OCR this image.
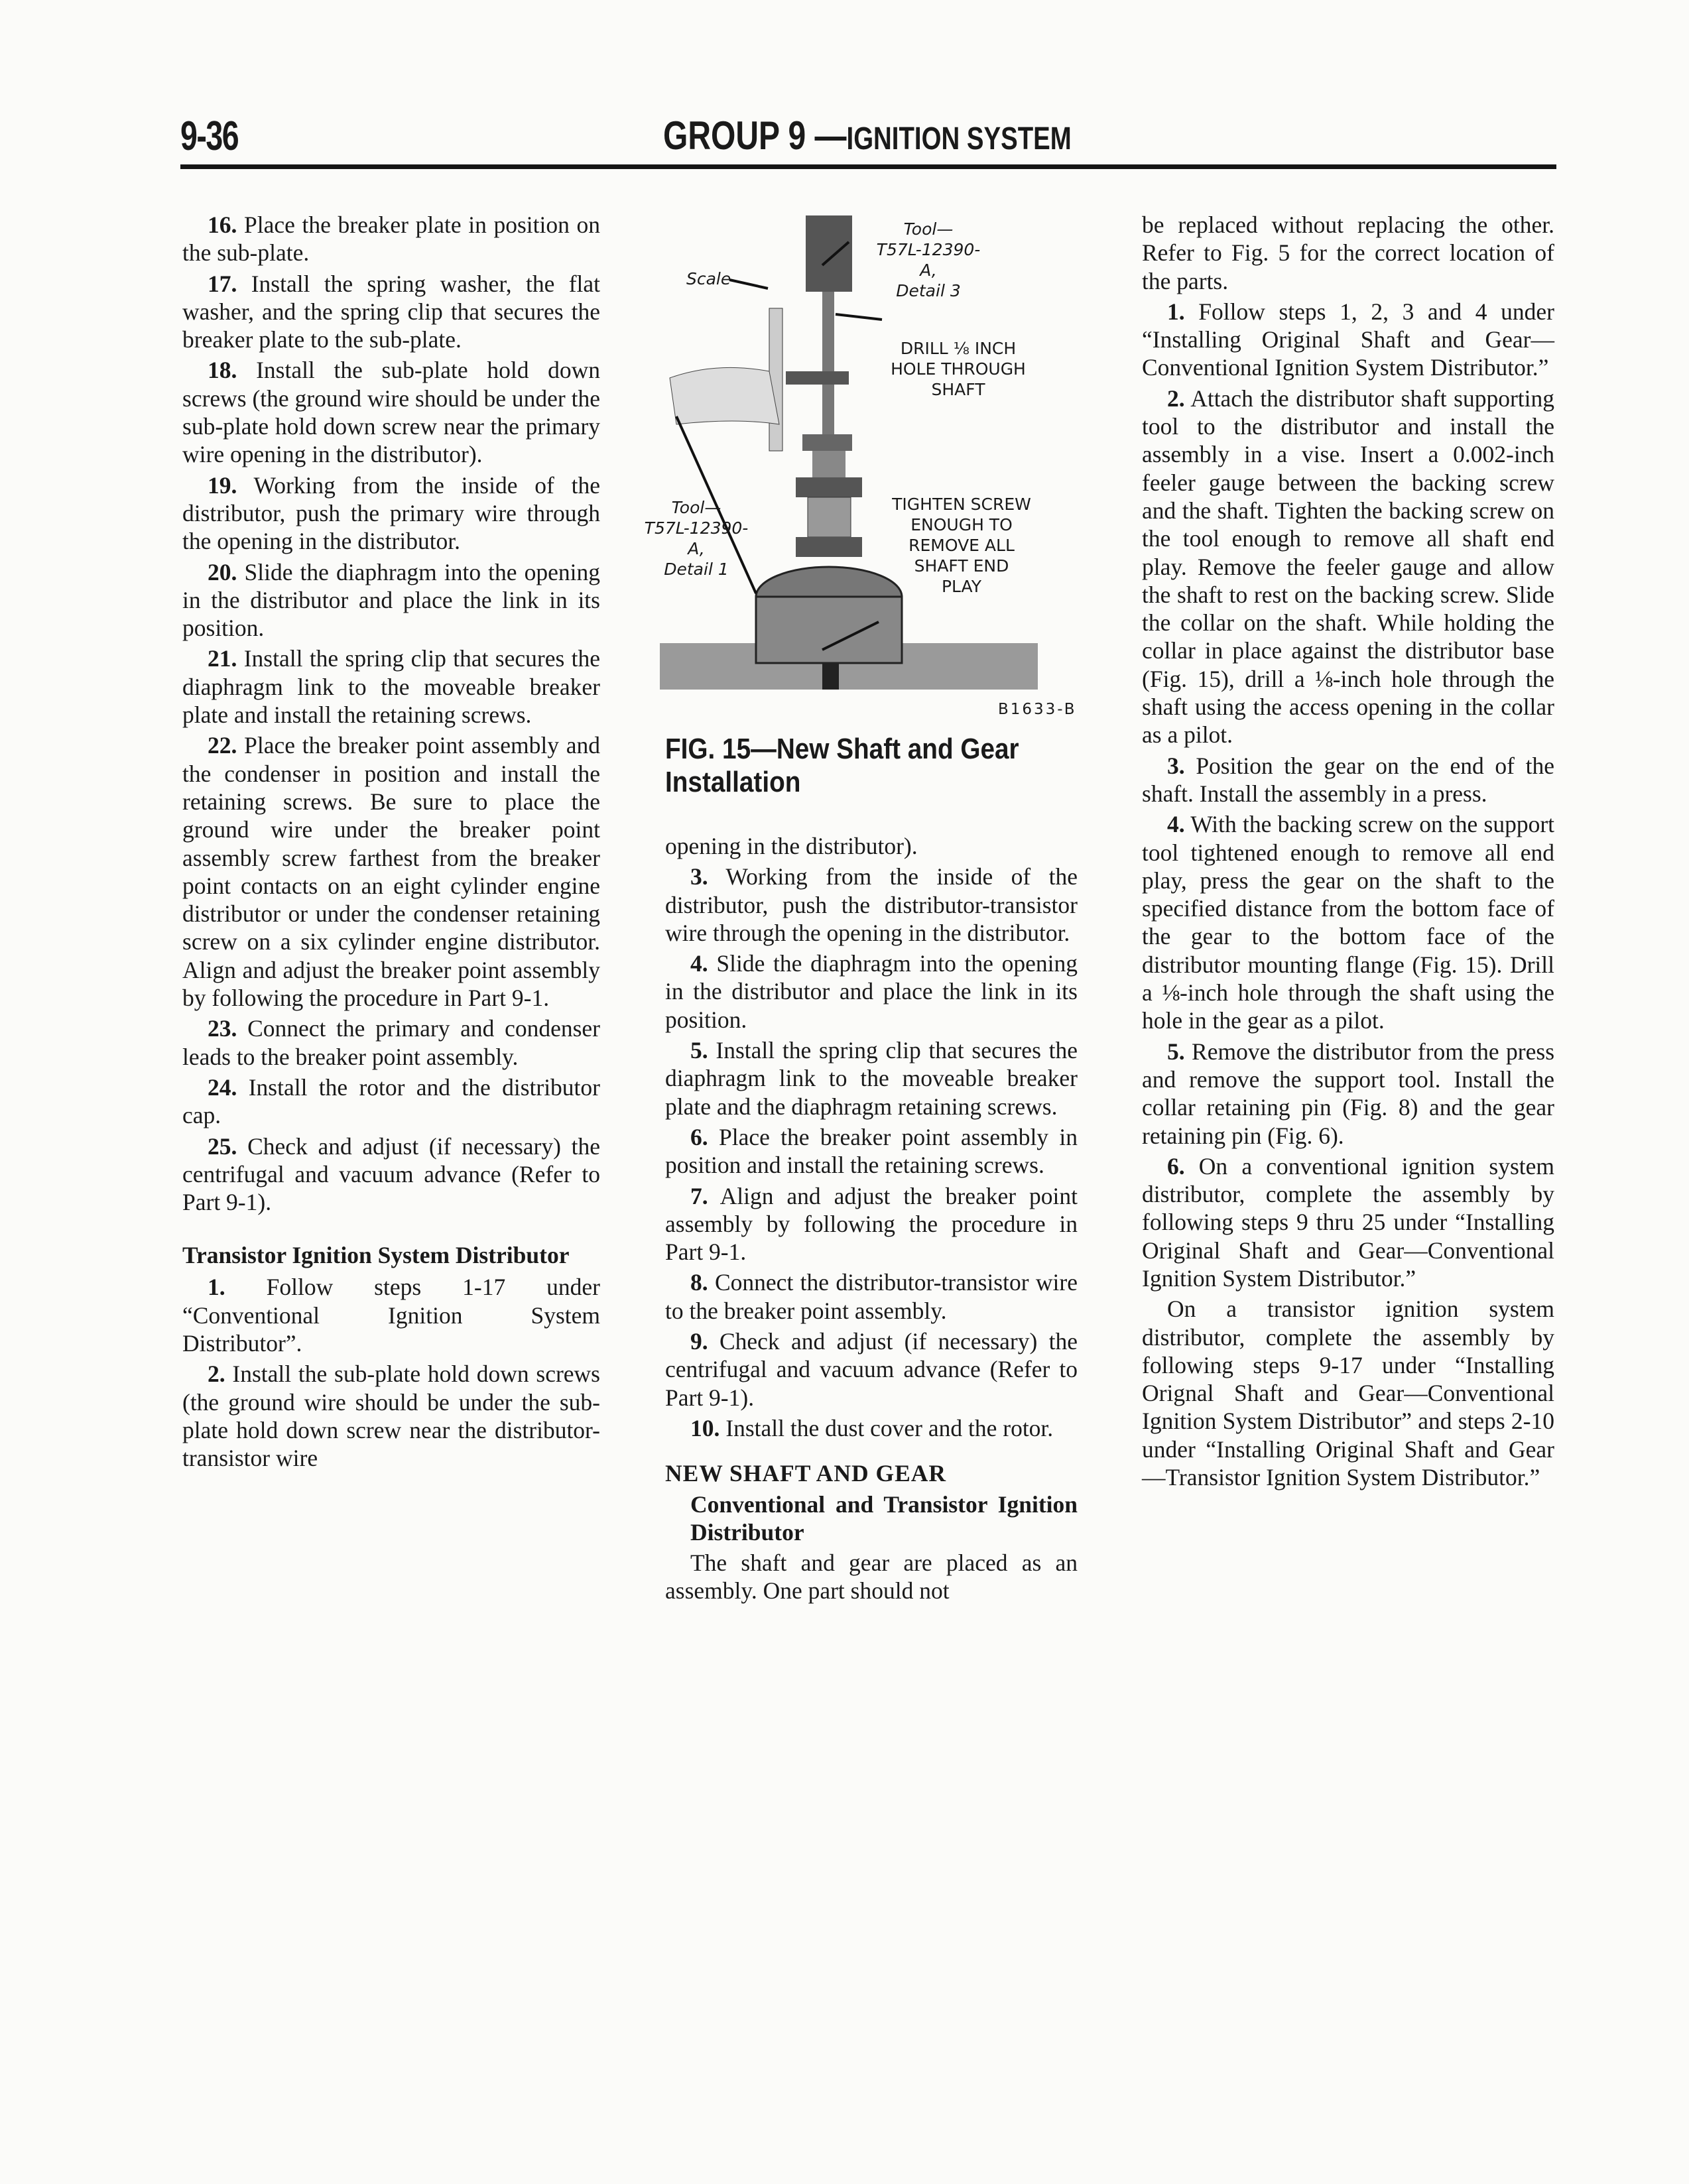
9-36	GROUP 9 —IGNITION SYSTEM

16. Place the breaker plate in position on the sub-plate.

17. Install the spring washer, the flat washer, and the spring clip that secures the breaker plate to the sub-plate.

18. Install the sub-plate hold down screws (the ground wire should be under the sub-plate hold down screw near the primary wire opening in the distributor).

19. Working from the inside of the distributor, push the primary wire through the opening in the distributor.

20. Slide the diaphragm into the opening in the distributor and place the link in its position.

21. Install the spring clip that secures the diaphragm link to the moveable breaker plate and install the retaining screws.

22. Place the breaker point assembly and the condenser in position and install the retaining screws. Be sure to place the ground wire under the breaker point assembly screw farthest from the breaker point contacts on an eight cylinder engine distributor or under the condenser retaining screw on a six cylinder engine distributor. Align and adjust the breaker point assembly by following the procedure in Part 9-1.

23. Connect the primary and condenser leads to the breaker point assembly.

24. Install the rotor and the distributor cap.

25. Check and adjust (if necessary) the centrifugal and vacuum advance (Refer to Part 9-1).

Transistor Ignition System Distributor

1. Follow steps 1-17 under “Conventional Ignition System Distributor”.

2. Install the sub-plate hold down screws (the ground wire should be under the sub-plate hold down screw near the distributor-transistor wire

Tool—
T57L-12390-A,
Detail 3
Scale
DRILL ⅛ INCH
HOLE THROUGH
SHAFT
Tool—
T57L-12390-A,
Detail 1
TIGHTEN SCREW
ENOUGH TO
REMOVE ALL
SHAFT END
PLAY
B1633-B
FIG. 15—New Shaft and Gear Installation

opening in the distributor).

3. Working from the inside of the distributor, push the distributor-transistor wire through the opening in the distributor.

4. Slide the diaphragm into the opening in the distributor and place the link in its position.

5. Install the spring clip that secures the diaphragm link to the moveable breaker plate and the diaphragm retaining screws.

6. Place the breaker point assembly in position and install the retaining screws.

7. Align and adjust the breaker point assembly by following the procedure in Part 9-1.

8. Connect the distributor-transistor wire to the breaker point assembly.

9. Check and adjust (if necessary) the centrifugal and vacuum advance (Refer to Part 9-1).

10. Install the dust cover and the rotor.

NEW SHAFT AND GEAR
Conventional and Transistor Ignition Distributor

The shaft and gear are placed as an assembly. One part should not

be replaced without replacing the other. Refer to Fig. 5 for the correct location of the parts.

1. Follow steps 1, 2, 3 and 4 under “Installing Original Shaft and Gear—Conventional Ignition System Distributor.”

2. Attach the distributor shaft supporting tool to the distributor and install the assembly in a vise. Insert a 0.002-inch feeler gauge between the backing screw and the shaft. Tighten the backing screw on the tool enough to remove all shaft end play. Remove the feeler gauge and allow the shaft to rest on the backing screw. Slide the collar on the shaft. While holding the collar in place against the distributor base (Fig. 15), drill a ⅛-inch hole through the shaft using the access opening in the collar as a pilot.

3. Position the gear on the end of the shaft. Install the assembly in a press.

4. With the backing screw on the support tool tightened enough to remove all end play, press the gear on the shaft to the specified distance from the bottom face of the gear to the bottom face of the distributor mounting flange (Fig. 15). Drill a ⅛-inch hole through the shaft using the hole in the gear as a pilot.

5. Remove the distributor from the press and remove the support tool. Install the collar retaining pin (Fig. 8) and the gear retaining pin (Fig. 6).

6. On a conventional ignition system distributor, complete the assembly by following steps 9 thru 25 under “Installing Original Shaft and Gear—Conventional Ignition System Distributor.”

On a transistor ignition system distributor, complete the assembly by following steps 9-17 under “Installing Orignal Shaft and Gear—Conventional Ignition System Distributor” and steps 2-10 under “Installing Original Shaft and Gear—Transistor Ignition System Distributor.”
